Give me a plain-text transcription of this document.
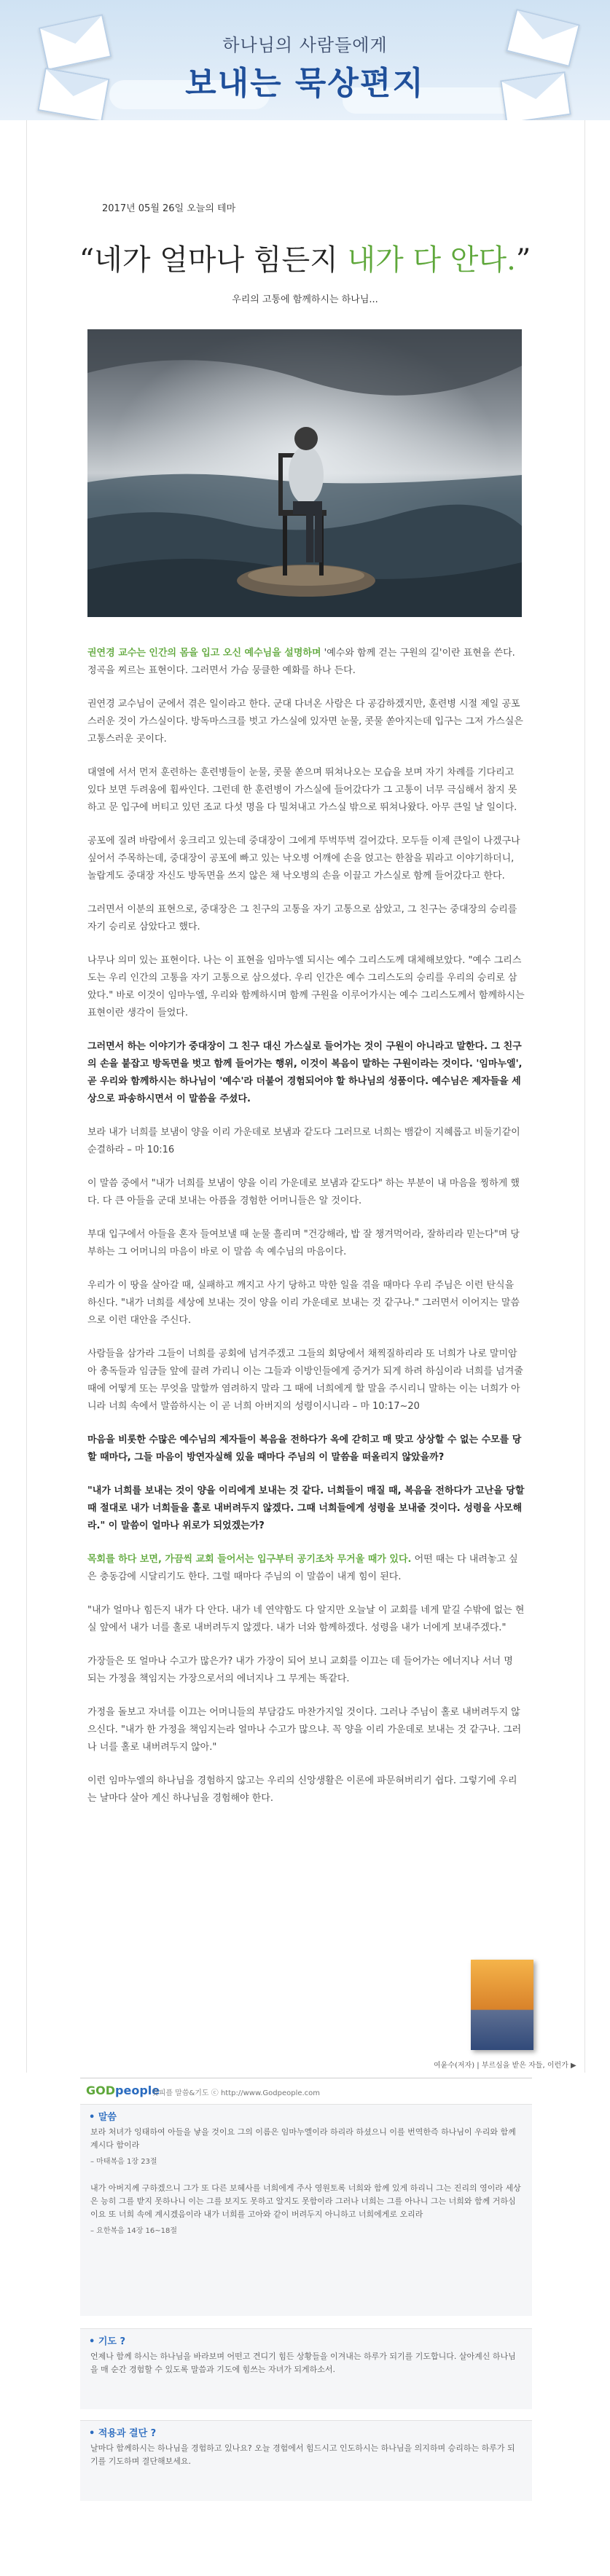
하나님의 사람들에게
보내는 묵상편지
2017년 05월 26일 오늘의 테마
“네가 얼마나 힘든지 내가 다 안다.”
우리의 고통에 함께하시는 하나님...

권연경 교수는 인간의 몸을 입고 오신 예수님을 설명하며 '예수와 함께 걷는 구원의 길'이란 표현을 쓴다. 정곡을 찌르는 표현이다. 그러면서 가슴 뭉클한 예화를 하나 든다.

권연경 교수님이 군에서 겪은 일이라고 한다. 군대 다녀온 사람은 다 공감하겠지만, 훈련병 시절 제일 공포스러운 것이 가스실이다. 방독마스크를 벗고 가스실에 있자면 눈물, 콧물 쏟아지는데 입구는 그저 가스실은 고통스러운 곳이다.

대열에 서서 먼저 훈련하는 훈련병들이 눈물, 콧물 쏟으며 뛰쳐나오는 모습을 보며 자기 차례를 기다리고 있다 보면 두려움에 휩싸인다. 그런데 한 훈련병이 가스실에 들어갔다가 그 고통이 너무 극심해서 참지 못하고 문 입구에 버티고 있던 조교 다섯 명을 다 밀쳐내고 가스실 밖으로 뛰쳐나왔다. 아무 큰일 날 일이다.

공포에 질려 바람에서 웅크리고 있는데 중대장이 그에게 뚜벅뚜벅 걸어갔다. 모두들 이제 큰일이 나겠구나 싶어서 주목하는데, 중대장이 공포에 빠고 있는 낙오병 어깨에 손을 얹고는 한참을 뭐라고 이야기하더니, 놀랍게도 중대장 자신도 방독면을 쓰지 않은 채 낙오병의 손을 이끌고 가스실로 함께 들어갔다고 한다.

그러면서 이분의 표현으로, 중대장은 그 친구의 고통을 자기 고통으로 삼았고, 그 친구는 중대장의 승리를 자기 승리로 삼았다고 했다.

나무나 의미 있는 표현이다. 나는 이 표현을 임마누엘 되시는 예수 그리스도께 대체해보았다. "예수 그리스도는 우리 인간의 고통을 자기 고통으로 삼으셨다. 우리 인간은 예수 그리스도의 승리를 우리의 승리로 삼았다." 바로 이것이 임마누엘, 우리와 함께하시며 함께 구원을 이루어가시는 예수 그리스도께서 함께하시는 표현이란 생각이 들었다.

그러면서 하는 이야기가 중대장이 그 친구 대신 가스실로 들어가는 것이 구원이 아니라고 말한다. 그 친구의 손을 붙잡고 방독면을 벗고 함께 들어가는 행위, 이것이 복음이 말하는 구원이라는 것이다. '임마누엘', 곧 우리와 함께하시는 하나님이 '예수'라 더불어 경험되어야 할 하나님의 성품이다. 예수님은 제자들을 세상으로 파송하시면서 이 말씀을 주셨다.

보라 내가 너희를 보냄이 양을 이리 가운데로 보냄과 같도다 그러므로 너희는 뱀같이 지혜롭고 비둘기같이 순결하라 – 마 10:16

이 말씀 중에서 "내가 너희를 보냄이 양을 이리 가운데로 보냄과 같도다" 하는 부분이 내 마음을 찡하게 했다. 다 큰 아들을 군대 보내는 아픔을 경험한 어머니들은 알 것이다.

부대 입구에서 아들을 혼자 들여보낼 때 눈물 흘리며 "건강해라, 밥 잘 챙겨먹어라, 잘하리라 믿는다"며 당부하는 그 어머니의 마음이 바로 이 말씀 속 예수님의 마음이다.

우리가 이 땅을 살아갈 때, 실패하고 깨지고 사기 당하고 막한 일을 겪을 때마다 우리 주님은 이런 탄식을 하신다. "내가 너희를 세상에 보내는 것이 양을 이리 가운데로 보내는 것 같구나." 그러면서 이어지는 말씀으로 이런 대안을 주신다.

사람들을 삼가라 그들이 너희를 공회에 넘겨주겠고 그들의 회당에서 채찍질하리라 또 너희가 나로 말미암아 총독들과 임금들 앞에 끌려 가리니 이는 그들과 이방인들에게 증거가 되게 하려 하심이라 너희를 넘겨줄 때에 어떻게 또는 무엇을 말할까 염려하지 말라 그 때에 너희에게 할 말을 주시리니 말하는 이는 너희가 아니라 너희 속에서 말씀하시는 이 곧 너희 아버지의 성령이시니라 – 마 10:17~20

마음을 비롯한 수많은 예수님의 제자들이 복음을 전하다가 옥에 갇히고 매 맞고 상상할 수 없는 수모를 당할 때마다, 그들 마음이 방연자실해 있을 때마다 주님의 이 말씀을 떠올리지 않았을까?

"내가 너희를 보내는 것이 양을 이리에게 보내는 것 같다. 너희들이 매질 때, 복음을 전하다가 고난을 당할 때 절대로 내가 너희들을 홀로 내버려두지 않겠다. 그때 너희들에게 성령을 보내줄 것이다. 성령을 사모해라." 이 말씀이 얼마나 위로가 되었겠는가?

목회를 하다 보면, 가끔씩 교회 들어서는 입구부터 공기조차 무거울 때가 있다. 어떤 때는 다 내려놓고 싶은 충동감에 시달리기도 한다. 그럴 때마다 주님의 이 말씀이 내게 힘이 된다.

"내가 얼마나 힘든지 내가 다 안다. 내가 네 연약함도 다 알지만 오늘날 이 교회를 네게 맡길 수밖에 없는 현실 앞에서 내가 너를 홀로 내버려두지 않겠다. 내가 너와 함께하겠다. 성령을 내가 너에게 보내주겠다."

가장들은 또 얼마나 수고가 많은가? 내가 가장이 되어 보니 교회를 이끄는 데 들어가는 에너지나 서너 명 되는 가정을 책임지는 가장으로서의 에너지나 그 무게는 똑같다.

가정을 돌보고 자녀를 이끄는 어머니들의 부담감도 마찬가지일 것이다. 그러나 주님이 홀로 내버려두지 않으신다. "내가 한 가정을 책임지는라 얼마나 수고가 많으냐. 꼭 양을 이리 가운데로 보내는 것 같구나. 그러나 너를 홀로 내버려두지 않아."

이런 임마누엘의 하나님을 경험하지 않고는 우리의 신앙생활은 이론에 파문혀버리기 쉽다. 그렇기에 우리는 날마다 살아 계신 하나님을 경험해야 한다.

여윤수(저자) | 부르심을 받은 자들, 이런가 ▶
GODpeople
갓피플 말씀&기도 ⓒ http://www.Godpeople.com
• 말씀
보라 처녀가 잉태하여 아들을 낳을 것이요 그의 이름은 임마누엘이라 하리라 하셨으니 이를 번역한즉 하나님이 우리와 함께 계시다 함이라
– 마태복음 1장 23절
내가 아버지께 구하겠으니 그가 또 다른 보혜사를 너희에게 주사 영원토록 너희와 함께 있게 하리니 그는 진리의 영이라 세상은 능히 그를 받지 못하나니 이는 그를 보지도 못하고 알지도 못함이라 그러나 너희는 그를 아나니 그는 너희와 함께 거하심이요 또 너희 속에 계시겠음이라 내가 너희를 고아와 같이 버려두지 아니하고 너희에게로 오리라
– 요한복음 14장 16~18절
• 기도 ?
언제나 함께 하시는 하나님을 바라보며 어떤고 견디기 힘든 상황들을 이겨내는 하루가 되기를 기도합니다. 살아계신 하나님을 매 순간 경험할 수 있도록 말씀과 기도에 힘쓰는 자녀가 되게하소서.
• 적용과 결단 ?
날마다 함께하시는 하나님을 경험하고 있나요? 오늘 경험에서 힘드시고 인도하시는 하나님을 의지하며 승리하는 하루가 되기를 기도하며 결단해보세요.
